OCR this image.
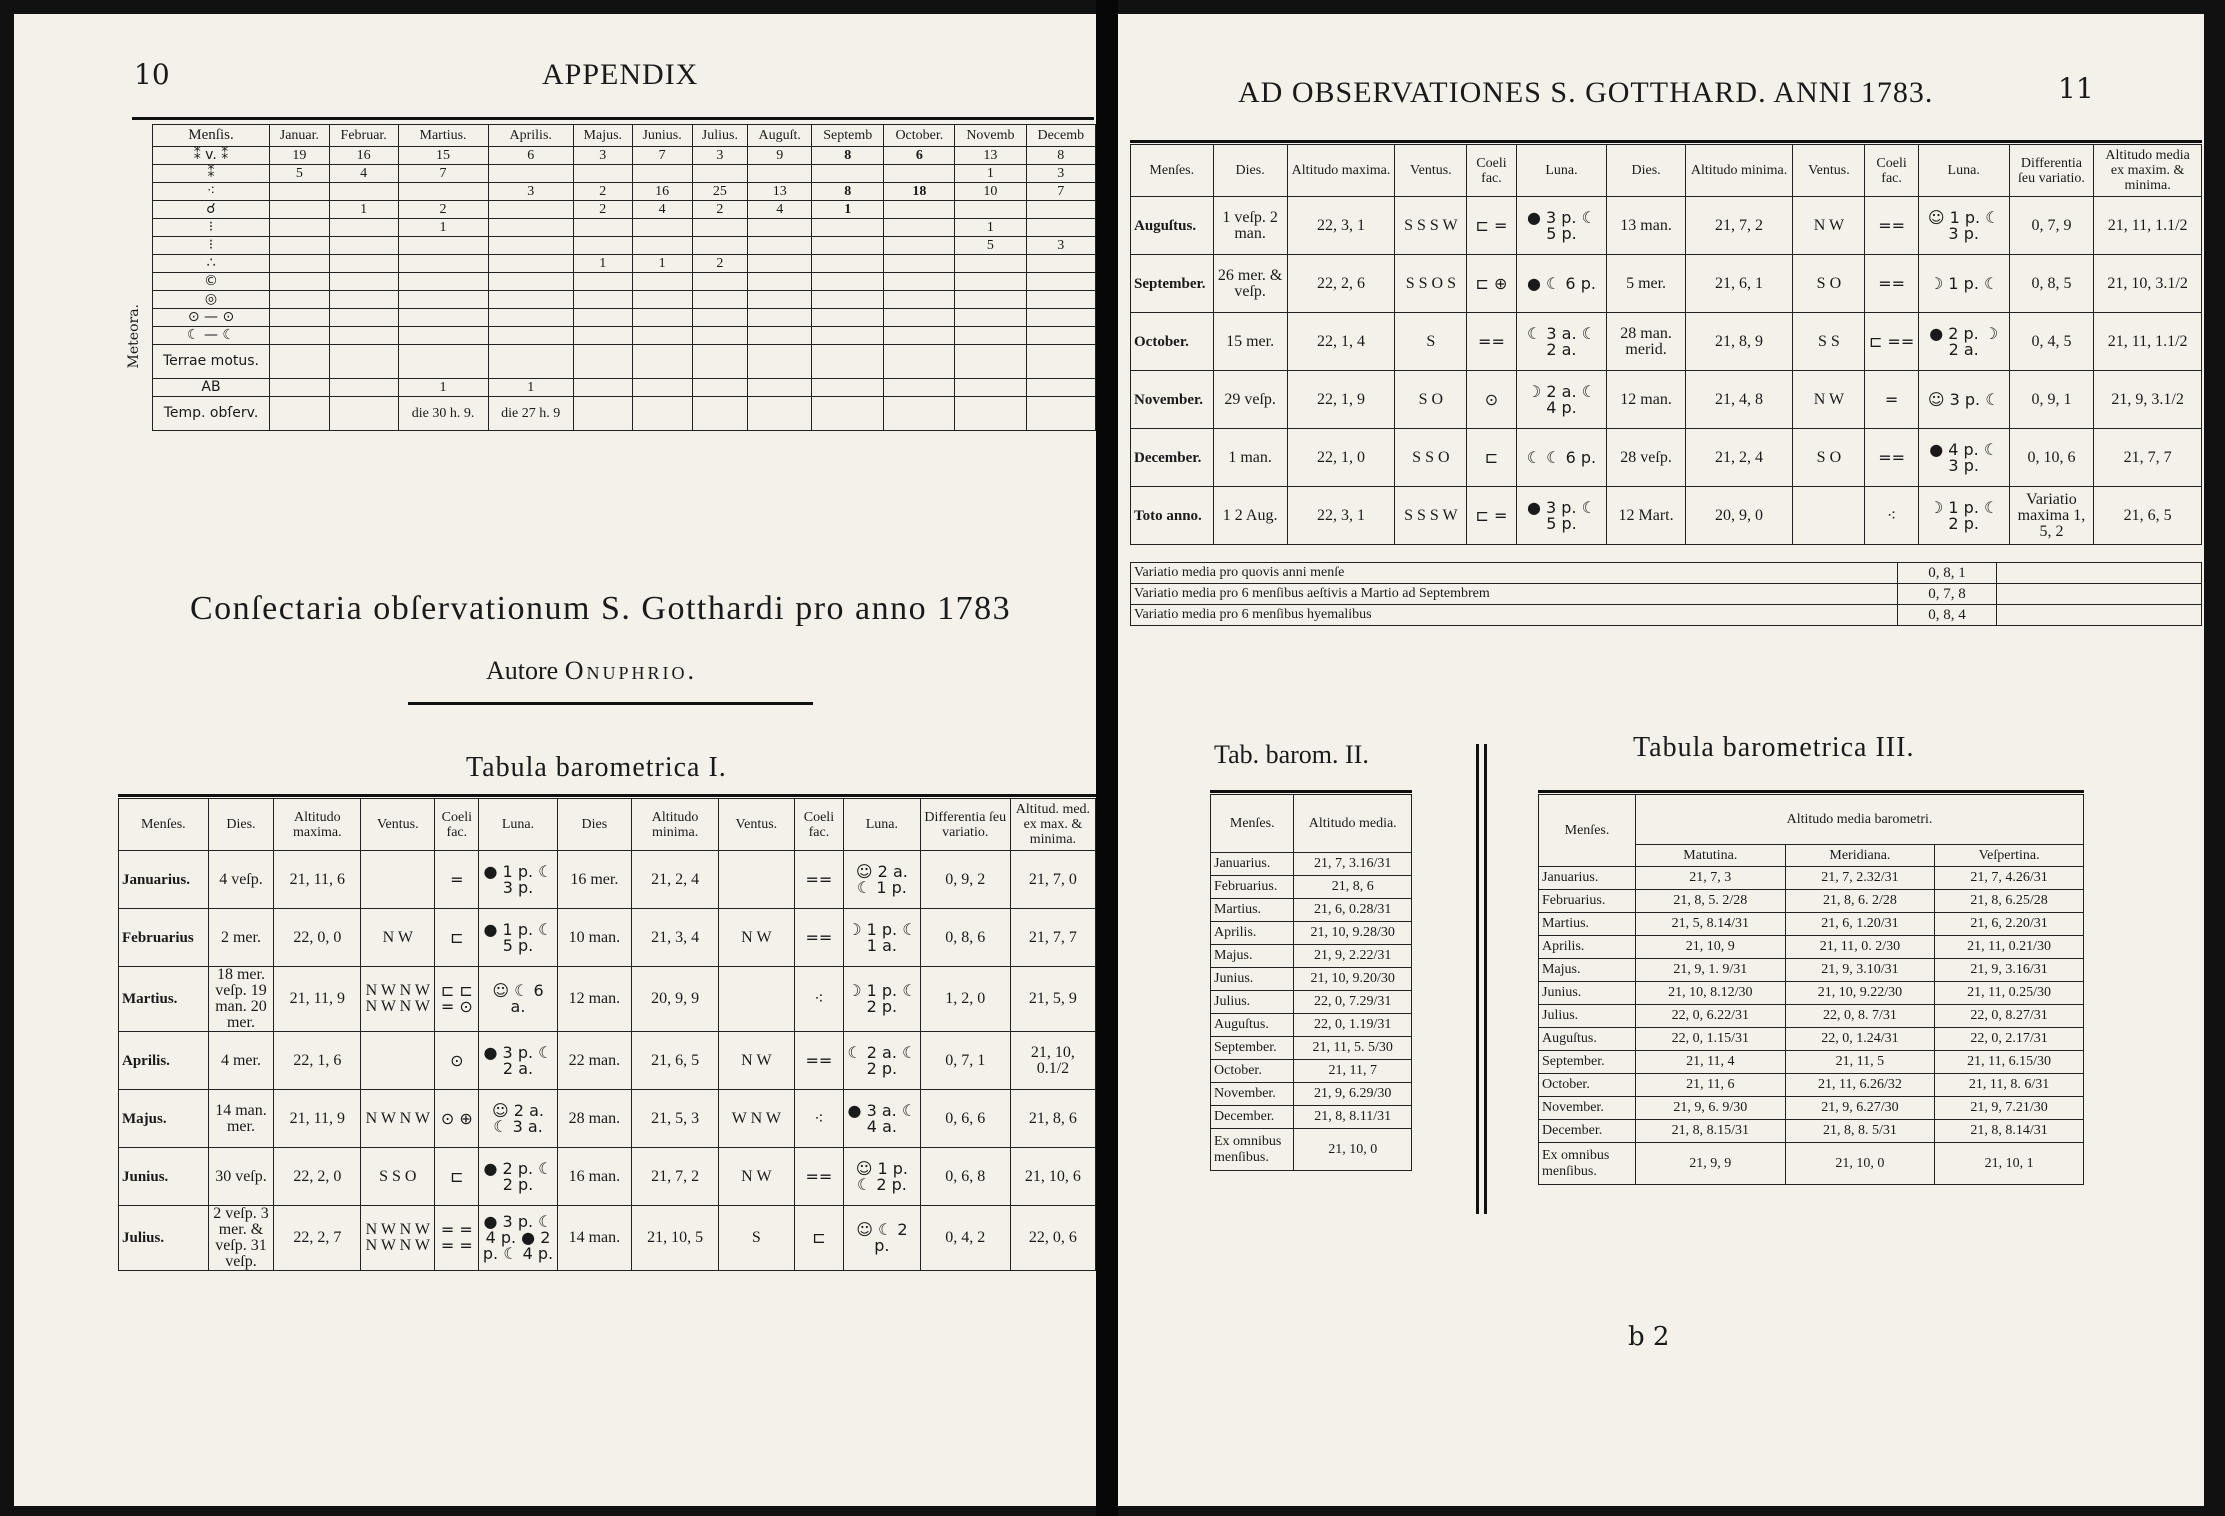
10	APPENDIX
Meteora.
Menſis.	Januar.	Februar.	Martius.	Aprilis.	Majus.	Junius.	Julius.	Auguſt.	Septemb	October.	Novemb	Decemb
⁑ v. ⁑	19	16	15	6	3	7	3	9	8	6	13	8
⁑	5	4	7								1	3
⁖				3	2	16	25	13	8	18	10	7
☌		1	2		2	4	2	4	1			
⁝			1								1	
⁝											5	3
∴					1	1	2					
©												
◎												
⊙ — ⊙												
☾ — ☾												
Terrae motus.												
AB			1	1								
Temp. obſerv.			die 30 h. 9.	die 27 h. 9								
Conſectaria obſervationum S. Gotthardi pro anno 1783
Autore Onuphrio.
Tabula barometrica I.
Menſes.	Dies.	Altitudo maxima.	Ventus.	Coeli fac.	Luna.	Dies	Altitudo minima.	Ventus.	Coeli fac.	Luna.	Differentia ſeu variatio.	Altitud. med. ex max. & minima.
Januarius.	4 veſp.	21, 11, 6		=	● 1 p. ☾ 3 p.	16 mer.	21, 2, 4		==	☺ 2 a. ☾ 1 p.	0, 9, 2	21, 7, 0
Februarius	2 mer.	22, 0, 0	N W	⊏	● 1 p. ☾ 5 p.	10 man.	21, 3, 4	N W	==	☽ 1 p. ☾ 1 a.	0, 8, 6	21, 7, 7
Martius.	18 mer. veſp. 19 man. 20 mer.	21, 11, 9	N W N W N W N W	⊏ ⊏ = ⊙	☺ ☾ 6 a.	12 man.	20, 9, 9		⁖	☽ 1 p. ☾ 2 p.	1, 2, 0	21, 5, 9
Aprilis.	4 mer.	22, 1, 6		⊙	● 3 p. ☾ 2 a.	22 man.	21, 6, 5	N W	==	☾ 2 a. ☾ 2 p.	0, 7, 1	21, 10, 0.1/2
Majus.	14 man. mer.	21, 11, 9	N W N W	⊙ ⊕	☺ 2 a. ☾ 3 a.	28 man.	21, 5, 3	W N W	⁖	● 3 a. ☾ 4 a.	0, 6, 6	21, 8, 6
Junius.	30 veſp.	22, 2, 0	S S O	⊏	● 2 p. ☾ 2 p.	16 man.	21, 7, 2	N W	==	☺ 1 p. ☾ 2 p.	0, 6, 8	21, 10, 6
Julius.	2 veſp. 3 mer. & veſp. 31 veſp.	22, 2, 7	N W N W N W N W	= = = =	● 3 p. ☾ 4 p. ● 2 p. ☾ 4 p.	14 man.	21, 10, 5	S	⊏	☺ ☾ 2 p.	0, 4, 2	22, 0, 6
AD OBSERVATIONES S. GOTTHARD. ANNI 1783.	11
Menſes.	Dies.	Altitudo maxima.	Ventus.	Coeli fac.	Luna.	Dies.	Altitudo minima.	Ventus.	Coeli fac.	Luna.	Differentia ſeu variatio.	Altitudo media ex maxim. & minima.
Auguſtus.	1 veſp. 2 man.	22, 3, 1	S S S W	⊏ =	● 3 p. ☾ 5 p.	13 man.	21, 7, 2	N W	==	☺ 1 p. ☾ 3 p.	0, 7, 9	21, 11, 1.1/2
September.	26 mer. & veſp.	22, 2, 6	S S O S	⊏ ⊕	● ☾ 6 p.	5 mer.	21, 6, 1	S O	==	☽ 1 p. ☾	0, 8, 5	21, 10, 3.1/2
October.	15 mer.	22, 1, 4	S	==	☾ 3 a. ☾ 2 a.	28 man. merid.	21, 8, 9	S S	⊏ ==	● 2 p. ☽ 2 a.	0, 4, 5	21, 11, 1.1/2
November.	29 veſp.	22, 1, 9	S O	⊙	☽ 2 a. ☾ 4 p.	12 man.	21, 4, 8	N W	=	☺ 3 p. ☾	0, 9, 1	21, 9, 3.1/2
December.	1 man.	22, 1, 0	S S O	⊏	☾ ☾ 6 p.	28 veſp.	21, 2, 4	S O	==	● 4 p. ☾ 3 p.	0, 10, 6	21, 7, 7
Toto anno.	1 2 Aug.	22, 3, 1	S S S W	⊏ =	● 3 p. ☾ 5 p.	12 Mart.	20, 9, 0		⁖	☽ 1 p. ☾ 2 p.	Variatio maxima 1, 5, 2	21, 6, 5
Variatio media pro quovis anni menſe	0, 8, 1	
Variatio media pro 6 menſibus aeſtivis a Martio ad Septembrem	0, 7, 8	
Variatio media pro 6 menſibus hyemalibus	0, 8, 4	
Tab. barom. II.
Menſes.	Altitudo media.
Januarius.	21, 7, 3.16/31
Februarius.	21, 8, 6
Martius.	21, 6, 0.28/31
Aprilis.	21, 10, 9.28/30
Majus.	21, 9, 2.22/31
Junius.	21, 10, 9.20/30
Julius.	22, 0, 7.29/31
Auguſtus.	22, 0, 1.19/31
September.	21, 11, 5. 5/30
October.	21, 11, 7
November.	21, 9, 6.29/30
December.	21, 8, 8.11/31
Ex omnibus menſibus.	21, 10, 0
Tabula barometrica III.
Menſes.	Altitudo media barometri.		
	Matutina.	Meridiana.	Veſpertina.
Januarius.	21, 7, 3	21, 7, 2.32/31	21, 7, 4.26/31
Februarius.	21, 8, 5. 2/28	21, 8, 6. 2/28	21, 8, 6.25/28
Martius.	21, 5, 8.14/31	21, 6, 1.20/31	21, 6, 2.20/31
Aprilis.	21, 10, 9	21, 11, 0. 2/30	21, 11, 0.21/30
Majus.	21, 9, 1. 9/31	21, 9, 3.10/31	21, 9, 3.16/31
Junius.	21, 10, 8.12/30	21, 10, 9.22/30	21, 11, 0.25/30
Julius.	22, 0, 6.22/31	22, 0, 8. 7/31	22, 0, 8.27/31
Auguſtus.	22, 0, 1.15/31	22, 0, 1.24/31	22, 0, 2.17/31
September.	21, 11, 4	21, 11, 5	21, 11, 6.15/30
October.	21, 11, 6	21, 11, 6.26/32	21, 11, 8. 6/31
November.	21, 9, 6. 9/30	21, 9, 6.27/30	21, 9, 7.21/30
December.	21, 8, 8.15/31	21, 8, 8. 5/31	21, 8, 8.14/31
Ex omnibus menſibus.	21, 9, 9	21, 10, 0	21, 10, 1
b 2
